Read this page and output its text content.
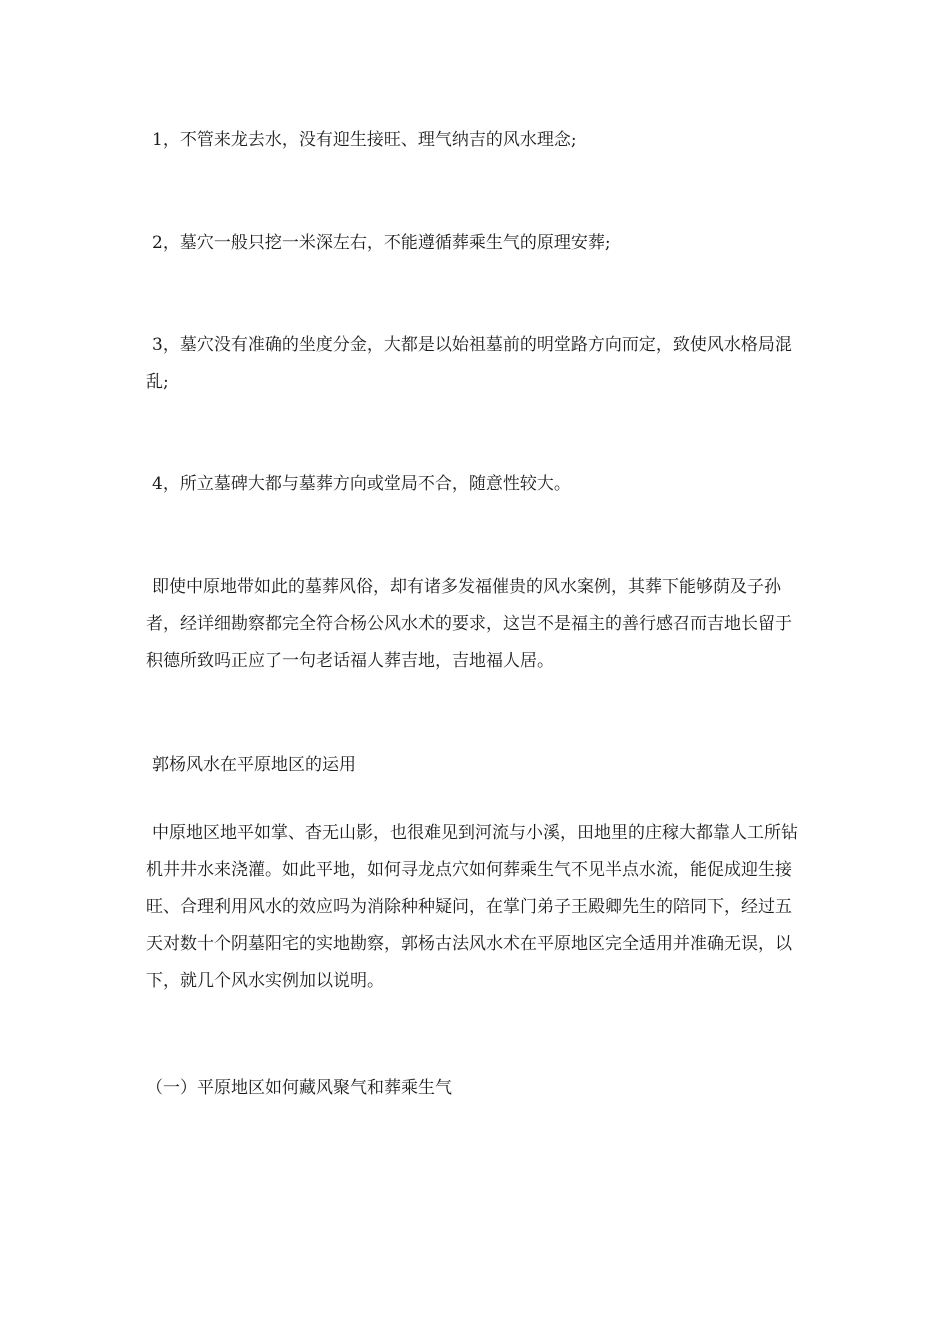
1，不管来龙去水，没有迎生接旺、理气纳吉的风水理念;

2，墓穴一般只挖一米深左右，不能遵循葬乘生气的原理安葬;

3，墓穴没有准确的坐度分金，大都是以始祖墓前的明堂路方向而定，致使风水格局混乱;

4，所立墓碑大都与墓葬方向或堂局不合，随意性较大。

即使中原地带如此的墓葬风俗，却有诸多发福催贵的风水案例，其葬下能够荫及子孙者，经详细勘察都完全符合杨公风水术的要求，这岂不是福主的善行感召而吉地长留于积德所致吗正应了一句老话福人葬吉地，吉地福人居。

郭杨风水在平原地区的运用

中原地区地平如掌、杳无山影，也很难见到河流与小溪，田地里的庄稼大都靠人工所钻机井井水来浇灌。如此平地，如何寻龙点穴如何葬乘生气不见半点水流，能促成迎生接旺、合理利用风水的效应吗为消除种种疑问，在掌门弟子王殿卿先生的陪同下，经过五天对数十个阴墓阳宅的实地勘察，郭杨古法风水术在平原地区完全适用并准确无误，以下，就几个风水实例加以说明。

（一）平原地区如何藏风聚气和葬乘生气
